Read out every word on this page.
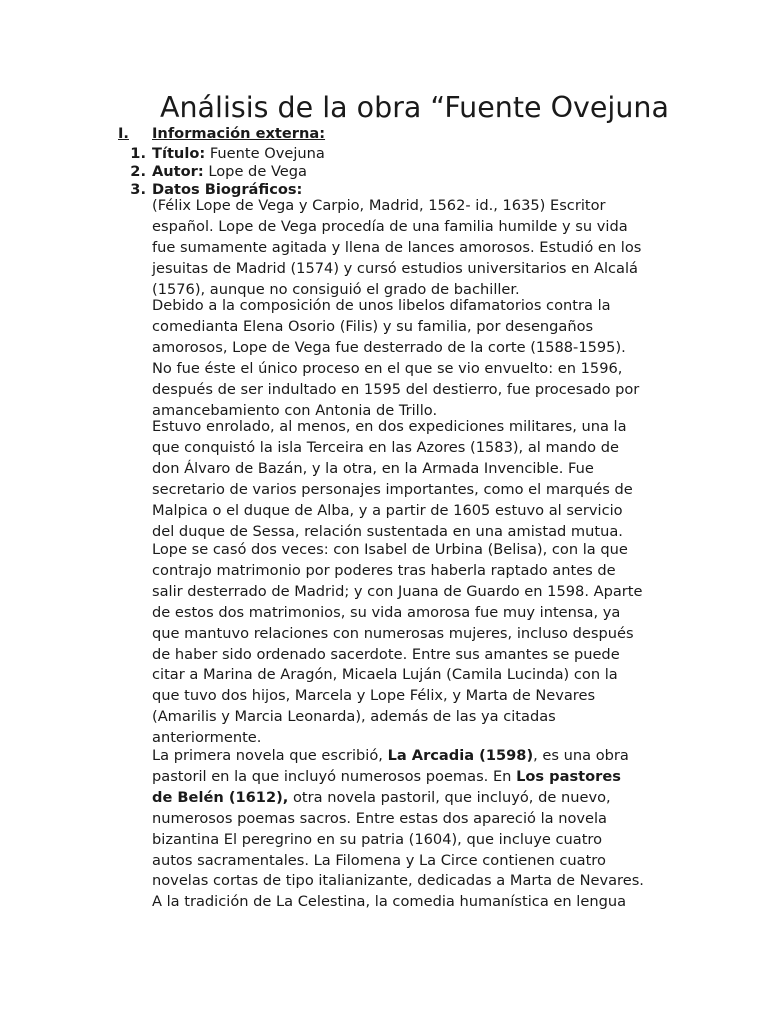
Análisis de la obra “Fuente Ovejuna
I. Información externa:
1. Título: Fuente Ovejuna
2. Autor: Lope de Vega
3. Datos Biográficos:
(Félix Lope de Vega y Carpio, Madrid, 1562- id., 1635) Escritor
español. Lope de Vega procedía de una familia humilde y su vida
fue sumamente agitada y llena de lances amorosos. Estudió en los
jesuitas de Madrid (1574) y cursó estudios universitarios en Alcalá
(1576), aunque no consiguió el grado de bachiller.
Debido a la composición de unos libelos difamatorios contra la
comedianta Elena Osorio (Filis) y su familia, por desengaños
amorosos, Lope de Vega fue desterrado de la corte (1588-1595).
No fue éste el único proceso en el que se vio envuelto: en 1596,
después de ser indultado en 1595 del destierro, fue procesado por
amancebamiento con Antonia de Trillo.
Estuvo enrolado, al menos, en dos expediciones militares, una la
que conquistó la isla Terceira en las Azores (1583), al mando de
don Álvaro de Bazán, y la otra, en la Armada Invencible. Fue
secretario de varios personajes importantes, como el marqués de
Malpica o el duque de Alba, y a partir de 1605 estuvo al servicio
del duque de Sessa, relación sustentada en una amistad mutua.
Lope se casó dos veces: con Isabel de Urbina (Belisa), con la que
contrajo matrimonio por poderes tras haberla raptado antes de
salir desterrado de Madrid; y con Juana de Guardo en 1598. Aparte
de estos dos matrimonios, su vida amorosa fue muy intensa, ya
que mantuvo relaciones con numerosas mujeres, incluso después
de haber sido ordenado sacerdote. Entre sus amantes se puede
citar a Marina de Aragón, Micaela Luján (Camila Lucinda) con la
que tuvo dos hijos, Marcela y Lope Félix, y Marta de Nevares
(Amarilis y Marcia Leonarda), además de las ya citadas
anteriormente.
La primera novela que escribió, La Arcadia (1598), es una obra
pastoril en la que incluyó numerosos poemas. En Los pastores
de Belén (1612), otra novela pastoril, que incluyó, de nuevo,
numerosos poemas sacros. Entre estas dos apareció la novela
bizantina El peregrino en su patria (1604), que incluye cuatro
autos sacramentales. La Filomena y La Circe contienen cuatro
novelas cortas de tipo italianizante, dedicadas a Marta de Nevares.
A la tradición de La Celestina, la comedia humanística en lengua
